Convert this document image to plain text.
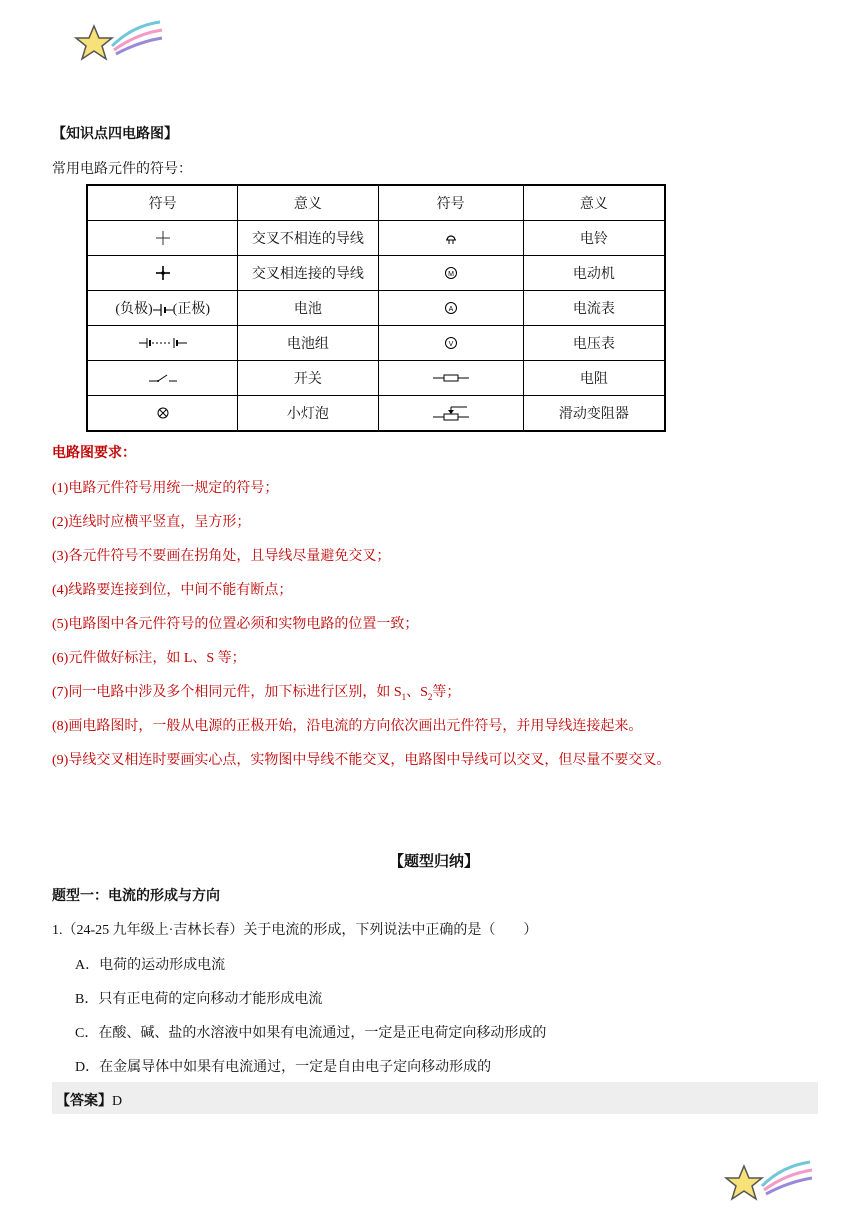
【知识点四电路图】
常用电路元件的符号：
符号	意义	符号	意义
	交叉不相连的导线		电铃
	交叉相连接的导线	M	电动机
(负极) (正极)	电池	A	电流表
	电池组	V	电压表
	开关		电阻
	小灯泡		滑动变阻器
电路图要求：
(1)电路元件符号用统一规定的符号；
(2)连线时应横平竖直，呈方形；
(3)各元件符号不要画在拐角处，且导线尽量避免交叉；
(4)线路要连接到位，中间不能有断点；
(5)电路图中各元件符号的位置必须和实物电路的位置一致；
(6)元件做好标注，如 L、S 等；
(7)同一电路中涉及多个相同元件，加下标进行区别，如 $S_1$、$S_2$等；
(8)画电路图时，一般从电源的正极开始，沿电流的方向依次画出元件符号，并用导线连接起来。
(9)导线交叉相连时要画实心点，实物图中导线不能交叉，电路图中导线可以交叉，但尽量不要交叉。
【题型归纳】
题型一：电流的形成与方向
1.（24-25 九年级上·吉林长春）关于电流的形成，下列说法中正确的是（　　）
A．电荷的运动形成电流
B．只有正电荷的定向移动才能形成电流
C．在酸、碱、盐的水溶液中如果有电流通过，一定是正电荷定向移动形成的
D．在金属导体中如果有电流通过，一定是自由电子定向移动形成的
【答案】D
